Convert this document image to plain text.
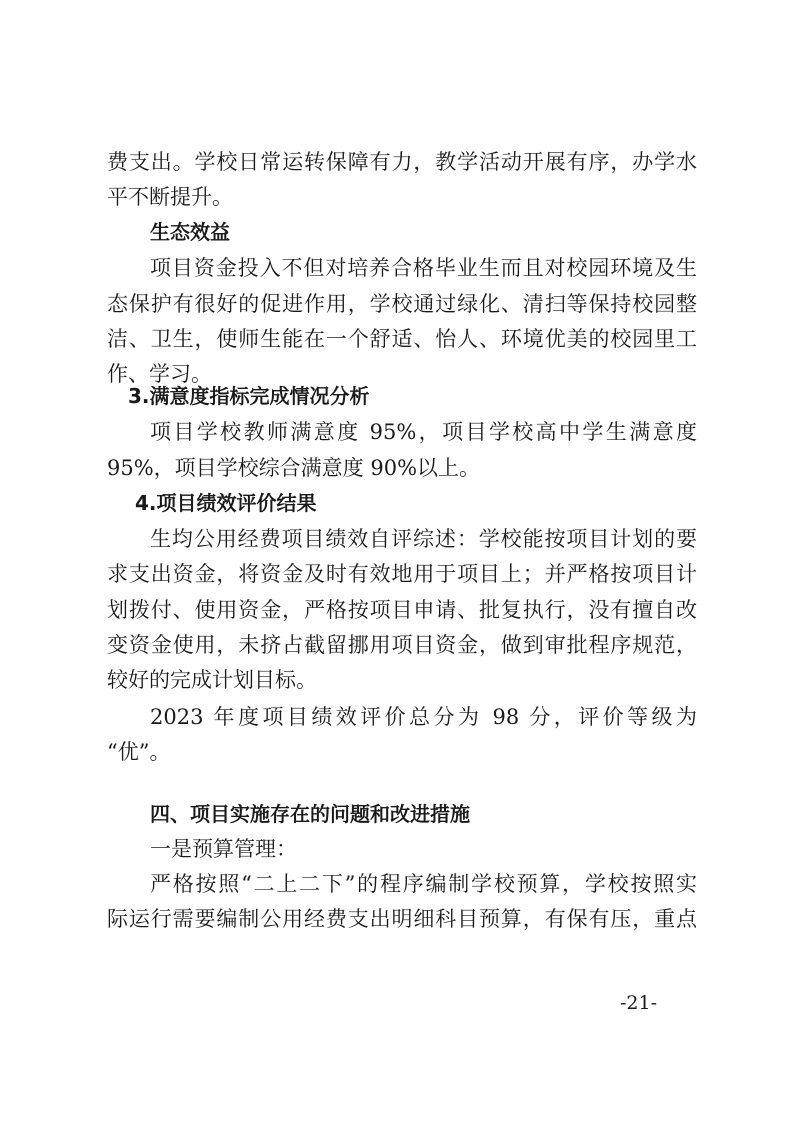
费支出。学校日常运转保障有力，教学活动开展有序，办学水
平不断提升。
生态效益
项目资金投入不但对培养合格毕业生而且对校园环境及生
态保护有很好的促进作用，学校通过绿化、清扫等保持校园整
洁、卫生，使师生能在一个舒适、怡人、环境优美的校园里工
作、学习。
3.满意度指标完成情况分析
项目学校教师满意度 95%，项目学校高中学生满意度
95%，项目学校综合满意度 90%以上。
4.项目绩效评价结果
生均公用经费项目绩效自评综述：学校能按项目计划的要
求支出资金，将资金及时有效地用于项目上；并严格按项目计
划拨付、使用资金，严格按项目申请、批复执行，没有擅自改
变资金使用，未挤占截留挪用项目资金，做到审批程序规范，
较好的完成计划目标。
2023 年度项目绩效评价总分为 98 分，评价等级为
“优”。
四、项目实施存在的问题和改进措施
一是预算管理：
严格按照“二上二下”的程序编制学校预算，学校按照实
际运行需要编制公用经费支出明细科目预算，有保有压，重点
-21-
